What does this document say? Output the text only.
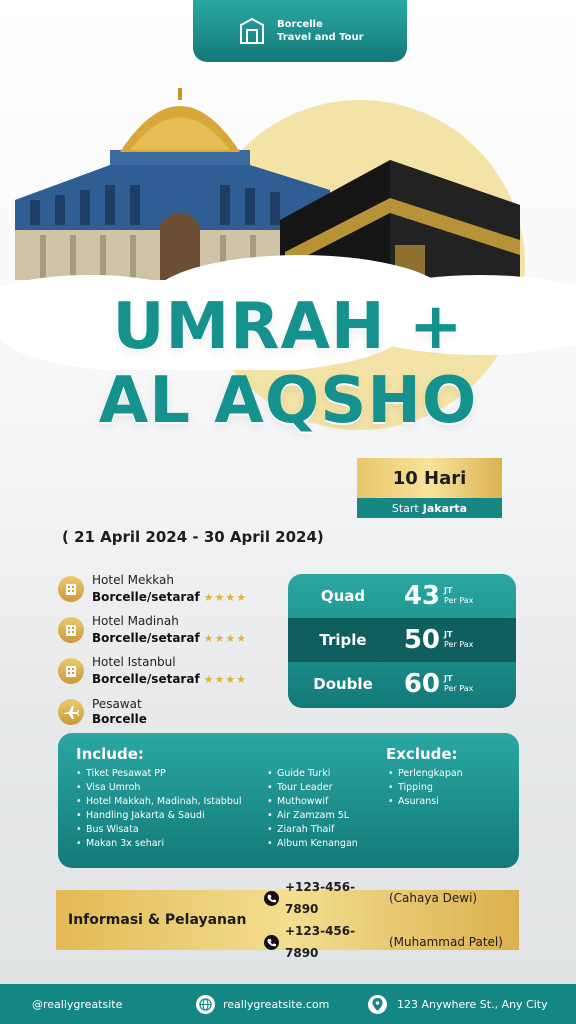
Borcelle
Travel and Tour
UMRAH +
AL AQSHO
10 Hari
Start Jakarta
( 21 April 2024 - 30 April 2024)
Hotel Mekkah
Borcelle/setaraf ★★★★
Hotel Madinah
Borcelle/setaraf ★★★★
Hotel Istanbul
Borcelle/setaraf ★★★★
Pesawat
Borcelle
Quad	43 JT
Per Pax
Triple	50 JT
Per Pax
Double	60 JT
Per Pax
Include:
• Tiket Pesawat PP
• Visa Umroh
• Hotel Makkah, Madinah, Istabbul
• Handling Jakarta & Saudi
• Bus Wisata
• Makan 3x sehari
• Guide Turki
• Tour Leader
• Muthowwif
• Air Zamzam 5L
• Ziarah Thaif
• Album Kenangan
Exclude:
• Perlengkapan
• Tipping
• Asuransi
Informasi & Pelayanan
+123-456-7890
(Cahaya Dewi)
+123-456-7890
(Muhammad Patel)
@reallygreatsite	reallygreatsite.com	123 Anywhere St., Any City
